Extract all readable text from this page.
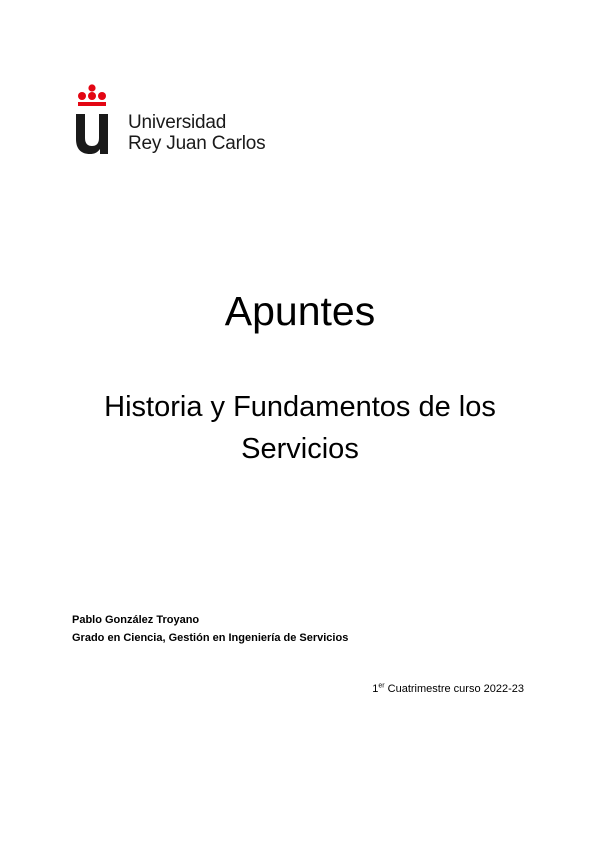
Universidad
Rey Juan Carlos
Apuntes
Historia y Fundamentos de los
Servicios
Pablo González Troyano
Grado en Ciencia, Gestión en Ingeniería de Servicios
1er Cuatrimestre curso 2022-23
